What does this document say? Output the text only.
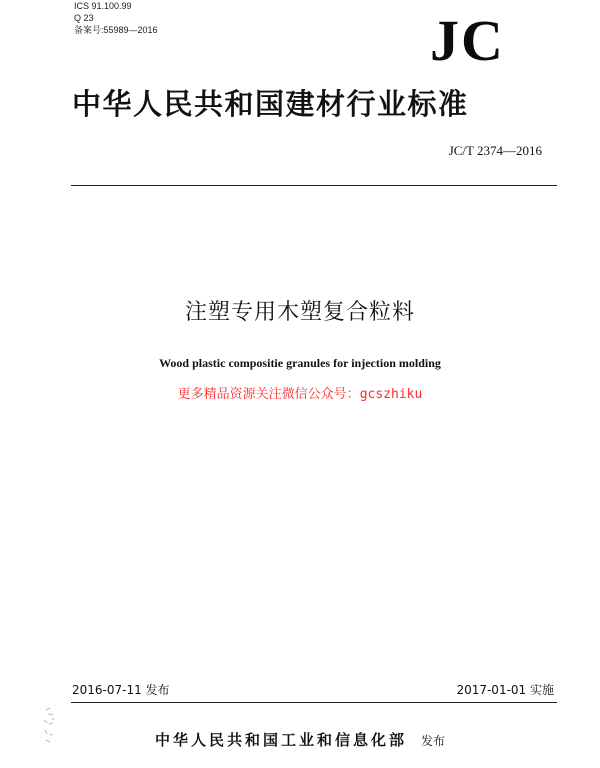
ICS 91.100.99
Q 23
备案号:55989—2016	JC
中华人民共和国建材行业标准
JC/T 2374—2016
注塑专用木塑复合粒料
Wood plastic compositie granules for injection molding
更多精品资源关注微信公众号：gcszhiku
2016-07-11 发布	2017-01-01 实施
中华人民共和国工业和信息化部 发布
